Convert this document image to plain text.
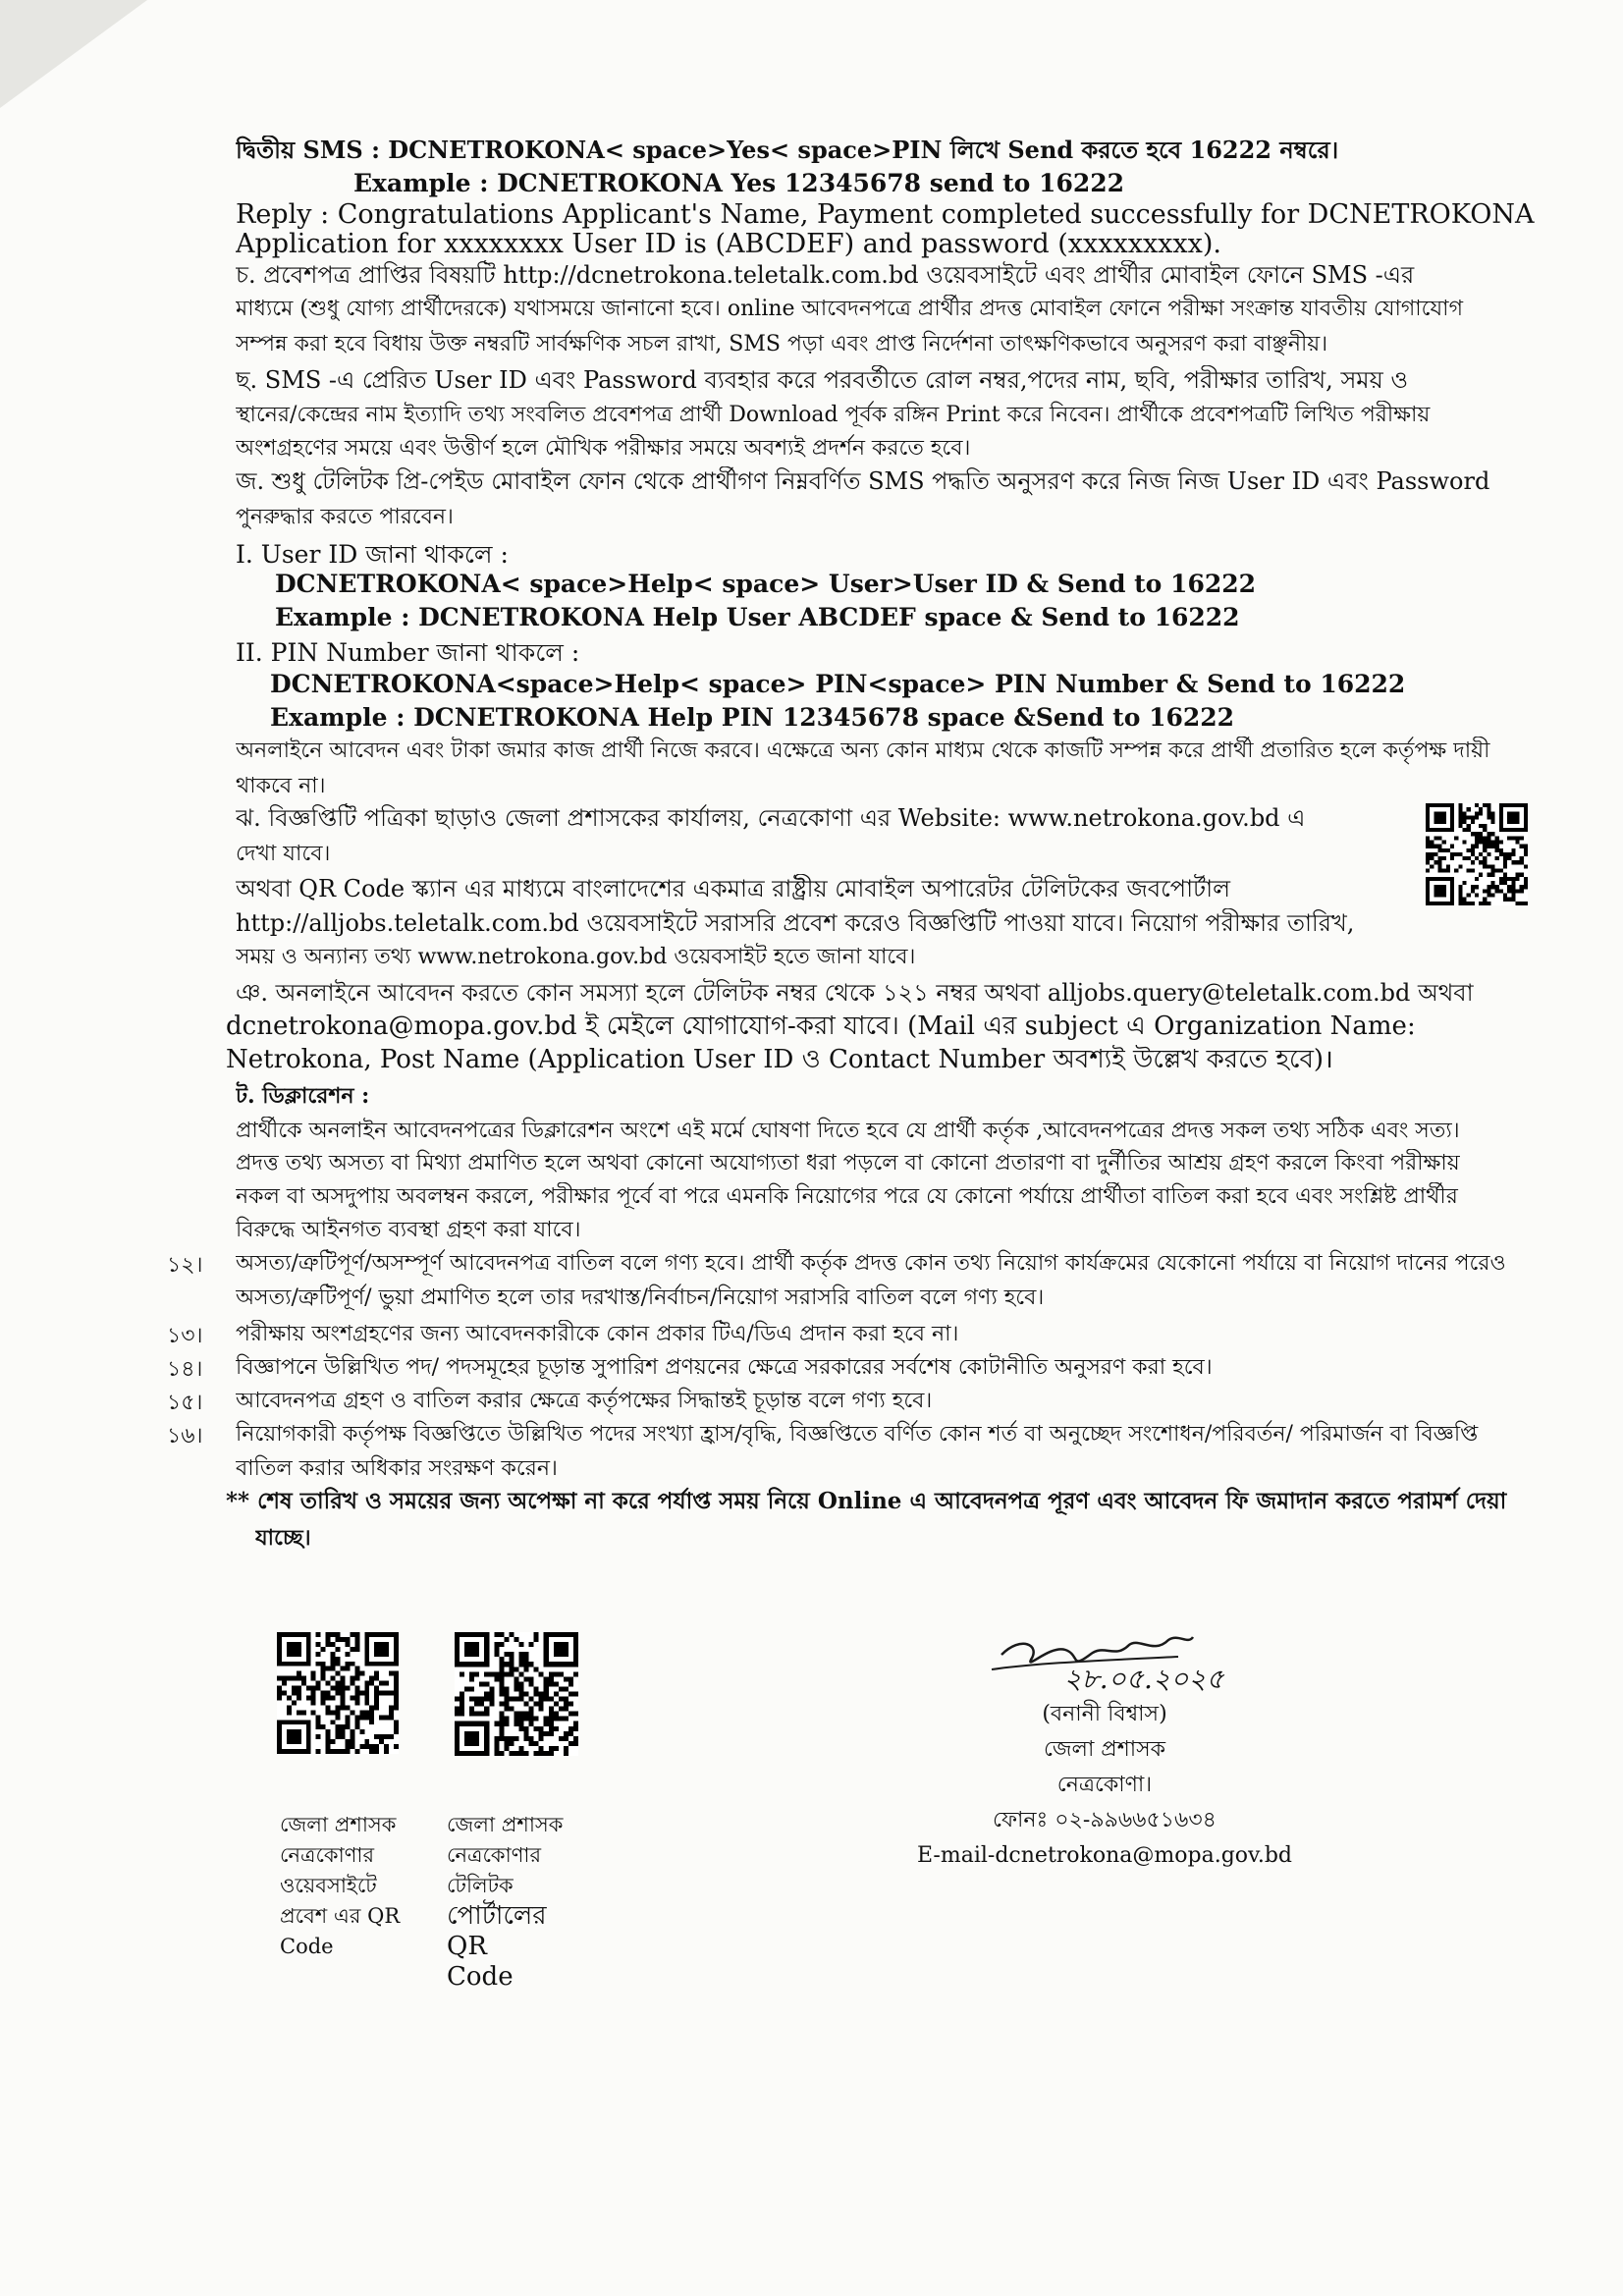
দ্বিতীয় SMS : DCNETROKONA< space>Yes< space>PIN লিখে Send করতে হবে 16222 নম্বরে।
Example : DCNETROKONA Yes 12345678 send to 16222
Reply : Congratulations Applicant's Name, Payment completed successfully for DCNETROKONA
Application for xxxxxxxx User ID is (ABCDEF) and password (xxxxxxxxx).
চ. প্রবেশপত্র প্রাপ্তির বিষয়টি http://dcnetrokona.teletalk.com.bd ওয়েবসাইটে এবং প্রার্থীর মোবাইল ফোনে SMS -এর
মাধ্যমে (শুধু যোগ্য প্রার্থীদেরকে) যথাসময়ে জানানো হবে। online আবেদনপত্রে প্রার্থীর প্রদত্ত মোবাইল ফোনে পরীক্ষা সংক্রান্ত যাবতীয় যোগাযোগ
সম্পন্ন করা হবে বিধায় উক্ত নম্বরটি সার্বক্ষণিক সচল রাখা, SMS পড়া এবং প্রাপ্ত নির্দেশনা তাৎক্ষণিকভাবে অনুসরণ করা বাঞ্ছনীয়।
ছ. SMS -এ প্রেরিত User ID এবং Password ব্যবহার করে পরবর্তীতে রোল নম্বর,পদের নাম, ছবি, পরীক্ষার তারিখ, সময় ও
স্থানের/কেন্দ্রের নাম ইত্যাদি তথ্য সংবলিত প্রবেশপত্র প্রার্থী Download পূর্বক রঙ্গিন Print করে নিবেন। প্রার্থীকে প্রবেশপত্রটি লিখিত পরীক্ষায়
অংশগ্রহণের সময়ে এবং উত্তীর্ণ হলে মৌখিক পরীক্ষার সময়ে অবশ্যই প্রদর্শন করতে হবে।
জ. শুধু টেলিটক প্রি-পেইড মোবাইল ফোন থেকে প্রার্থীগণ নিম্নবর্ণিত SMS পদ্ধতি অনুসরণ করে নিজ নিজ User ID এবং Password
পুনরুদ্ধার করতে পারবেন।
I. User ID জানা থাকলে :
DCNETROKONA< space>Help< space> User>User ID & Send to 16222
Example : DCNETROKONA Help User ABCDEF space & Send to 16222
II. PIN Number জানা থাকলে :
DCNETROKONA<space>Help< space> PIN<space> PIN Number & Send to 16222
Example : DCNETROKONA Help PIN 12345678 space &Send to 16222
অনলাইনে আবেদন এবং টাকা জমার কাজ প্রার্থী নিজে করবে। এক্ষেত্রে অন্য কোন মাধ্যম থেকে কাজটি সম্পন্ন করে প্রার্থী প্রতারিত হলে কর্তৃপক্ষ দায়ী
থাকবে না।
ঝ. বিজ্ঞপ্তিটি পত্রিকা ছাড়াও জেলা প্রশাসকের কার্যালয়, নেত্রকোণা এর Website: www.netrokona.gov.bd এ
দেখা যাবে।
অথবা QR Code স্ক্যান এর মাধ্যমে বাংলাদেশের একমাত্র রাষ্ট্রীয় মোবাইল অপারেটর টেলিটকের জবপোর্টাল
http://alljobs.teletalk.com.bd ওয়েবসাইটে সরাসরি প্রবেশ করেও বিজ্ঞপ্তিটি পাওয়া যাবে। নিয়োগ পরীক্ষার তারিখ,
সময় ও অন্যান্য তথ্য www.netrokona.gov.bd ওয়েবসাইট হতে জানা যাবে।
ঞ. অনলাইনে আবেদন করতে কোন সমস্যা হলে টেলিটক নম্বর থেকে ১২১ নম্বর অথবা alljobs.query@teletalk.com.bd অথবা
dcnetrokona@mopa.gov.bd ই মেইলে যোগাযোগ-করা যাবে। (Mail এর subject এ Organization Name:
Netrokona, Post Name (Application User ID ও Contact Number অবশ্যই উল্লেখ করতে হবে)।
ট. ডিক্লারেশন :
প্রার্থীকে অনলাইন আবেদনপত্রের ডিক্লারেশন অংশে এই মর্মে ঘোষণা দিতে হবে যে প্রার্থী কর্তৃক ,আবেদনপত্রের প্রদত্ত সকল তথ্য সঠিক এবং সত্য।
প্রদত্ত তথ্য অসত্য বা মিথ্যা প্রমাণিত হলে অথবা কোনো অযোগ্যতা ধরা পড়লে বা কোনো প্রতারণা বা দুর্নীতির আশ্রয় গ্রহণ করলে কিংবা পরীক্ষায়
নকল বা অসদুপায় অবলম্বন করলে, পরীক্ষার পূর্বে বা পরে এমনকি নিয়োগের পরে যে কোনো পর্যায়ে প্রার্থীতা বাতিল করা হবে এবং সংশ্লিষ্ট প্রার্থীর
বিরুদ্ধে আইনগত ব্যবস্থা গ্রহণ করা যাবে।
অসত্য/ত্রুটিপূর্ণ/অসম্পূর্ণ আবেদনপত্র বাতিল বলে গণ্য হবে। প্রার্থী কর্তৃক প্রদত্ত কোন তথ্য নিয়োগ কার্যক্রমের যেকোনো পর্যায়ে বা নিয়োগ দানের পরেও
অসত্য/ত্রুটিপূর্ণ/ ভুয়া প্রমাণিত হলে তার দরখাস্ত/নির্বাচন/নিয়োগ সরাসরি বাতিল বলে গণ্য হবে।
পরীক্ষায় অংশগ্রহণের জন্য আবেদনকারীকে কোন প্রকার টিএ/ডিএ প্রদান করা হবে না।
বিজ্ঞাপনে উল্লিখিত পদ/ পদসমূহের চূড়ান্ত সুপারিশ প্রণয়নের ক্ষেত্রে সরকারের সর্বশেষ কোটানীতি অনুসরণ করা হবে।
আবেদনপত্র গ্রহণ ও বাতিল করার ক্ষেত্রে কর্তৃপক্ষের সিদ্ধান্তই চূড়ান্ত বলে গণ্য হবে।
নিয়োগকারী কর্তৃপক্ষ বিজ্ঞপ্তিতে উল্লিখিত পদের সংখ্যা হ্রাস/বৃদ্ধি, বিজ্ঞপ্তিতে বর্ণিত কোন শর্ত বা অনুচ্ছেদ সংশোধন/পরিবর্তন/ পরিমার্জন বা বিজ্ঞপ্তি
বাতিল করার অধিকার সংরক্ষণ করেন।
** শেষ তারিখ ও সময়ের জন্য অপেক্ষা না করে পর্যাপ্ত সময় নিয়ে Online এ আবেদনপত্র পূরণ এবং আবেদন ফি জমাদান করতে পরামর্শ দেয়া
যাচ্ছে।
১২।
১৩।
১৪।
১৫।
১৬।
জেলা প্রশাসক
নেত্রকোণার
ওয়েবসাইটে
প্রবেশ এর QR
Code
জেলা প্রশাসক
নেত্রকোণার
টেলিটক
পোর্টালের QR
Code
২৮.০৫.২০২৫
(বনানী বিশ্বাস)
জেলা প্রশাসক
নেত্রকোণা।
ফোনঃ ০২-৯৯৬৬৫১৬৩৪
E-mail-dcnetrokona@mopa.gov.bd
